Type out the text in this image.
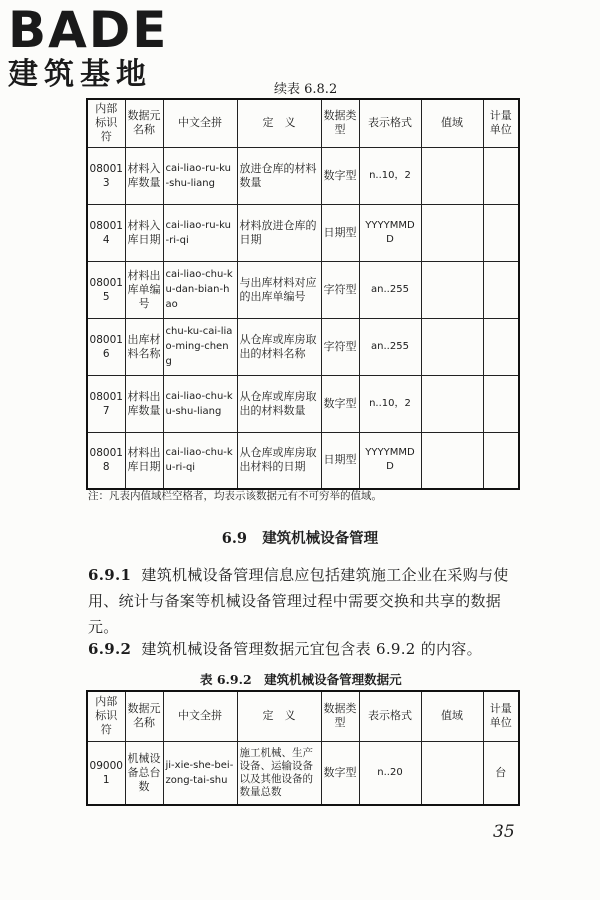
BADE
建筑基地	续表 6.8.2
内部标识符	数据元名称	中文全拼	定　义	数据类型	表示格式	值域	计量单位
080013	材料入库数量	cai-liao-ru-ku-shu-liang	放进仓库的材料数量	数字型	n..10，2		
080014	材料入库日期	cai-liao-ru-ku-ri-qi	材料放进仓库的日期	日期型	YYYYMMDD		
080015	材料出库单编号	cai-liao-chu-ku-dan-bian-hao	与出库材料对应的出库单编号	字符型	an..255		
080016	出库材料名称	chu-ku-cai-liao-ming-cheng	从仓库或库房取出的材料名称	字符型	an..255		
080017	材料出库数量	cai-liao-chu-ku-shu-liang	从仓库或库房取出的材料数量	数字型	n..10，2		
080018	材料出库日期	cai-liao-chu-ku-ri-qi	从仓库或库房取出材料的日期	日期型	YYYYMMDD		
注：凡表内值域栏空格者，均表示该数据元有不可穷举的值域。
6.9 建筑机械设备管理
6.9.1 建筑机械设备管理信息应包括建筑施工企业在采购与使用、统计与备案等机械设备管理过程中需要交换和共享的数据元。
6.9.2 建筑机械设备管理数据元宜包含表 6.9.2 的内容。
表 6.9.2　建筑机械设备管理数据元
内部标识符	数据元名称	中文全拼	定　义	数据类型	表示格式	值域	计量单位
090001	机械设备总台数	ji-xie-she-bei-zong-tai-shu	施工机械、生产设备、运输设备以及其他设备的数量总数	数字型	n..20		台
35
